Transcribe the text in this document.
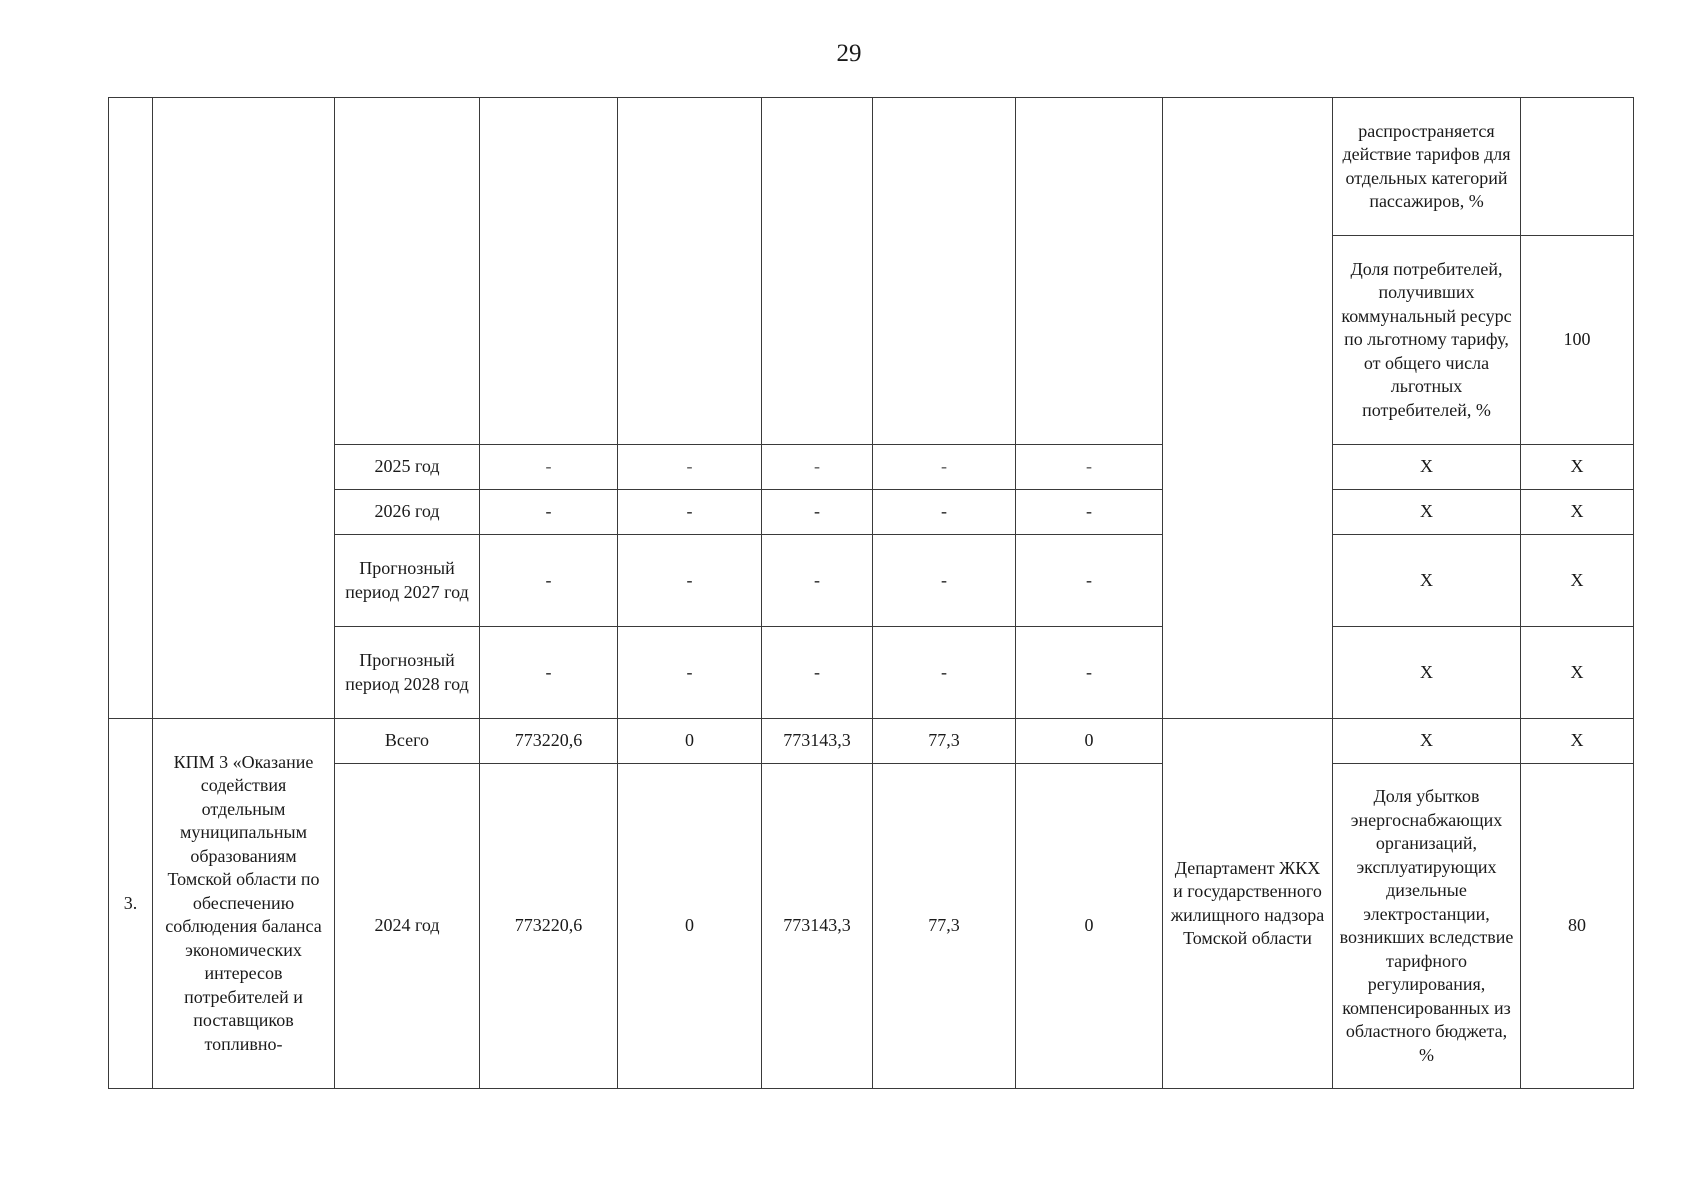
29
									распространяется действие тарифов для отдельных категорий пассажиров, %	
									Доля потребителей, получивших коммунальный ресурс по льготному тарифу, от общего числа льготных потребителей, %	100
		2025 год	-	-	-	-	-		X	X
		2026 год	-	-	-	-	-		X	X
		Прогнозный период 2027 год	-	-	-	-	-		X	X
		Прогнозный период 2028 год	-	-	-	-	-		X	X

3.	КПМ 3 «Оказание содействия отдельным муниципальным образованиям Томской области по обеспечению соблюдения баланса экономических интересов потребителей и поставщиков топливно-	Всего	773220,6	0	773143,3	77,3	0	Департамент ЖКХ и государственного жилищного надзора Томской области	X	X
		2024 год	773220,6	0	773143,3	77,3	0		Доля убытков энергоснабжающих организаций, эксплуатирующих дизельные электростанции, возникших вследствие тарифного регулирования, компенсированных из областного бюджета, %	80
